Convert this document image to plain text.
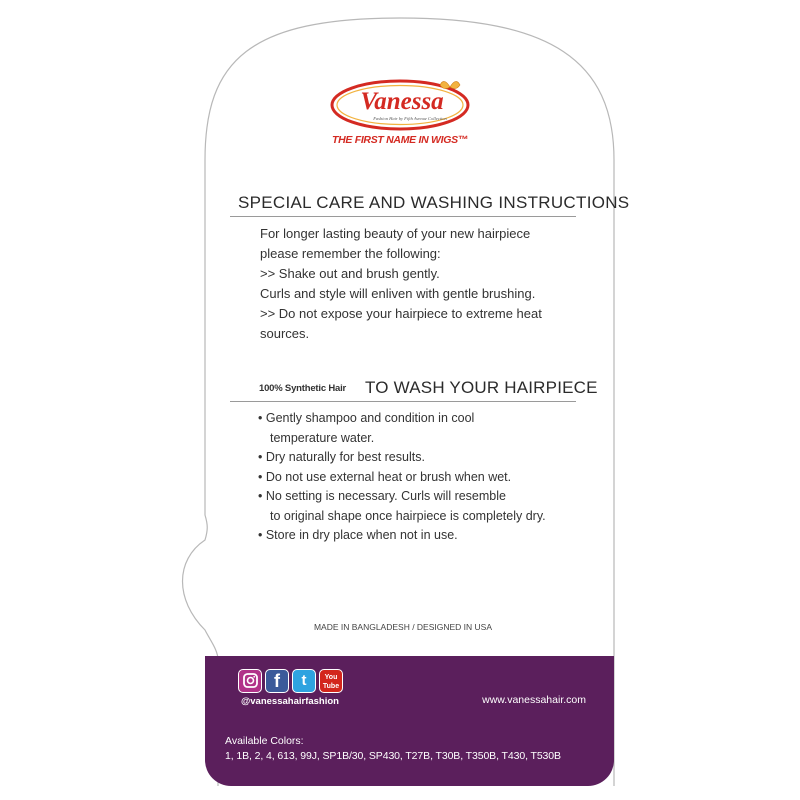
Vanessa
Fashion Hair by Fifth Avenue Collection
THE FIRST NAME IN WIGS™
SPECIAL CARE AND WASHING INSTRUCTIONS
For longer lasting beauty of your new hairpiece
please remember the following:
>> Shake out and brush gently.
Curls and style will enliven with gentle brushing.
>> Do not expose your hairpiece to extreme heat
sources.
100% Synthetic Hair TO WASH YOUR HAIRPIECE
• Gently shampoo and condition in cool
temperature water.
• Dry naturally for best results.
• Do not use external heat or brush when wet.
• No setting is necessary. Curls will resemble
to original shape once hairpiece is completely dry.
• Store in dry place when not in use.
MADE IN BANGLADESH / DESIGNED IN USA
f	t	You Tube
@vanessahairfashion	www.vanessahair.com
Available Colors:
1, 1B, 2, 4, 613, 99J, SP1B/30, SP430, T27B, T30B, T350B, T430, T530B
